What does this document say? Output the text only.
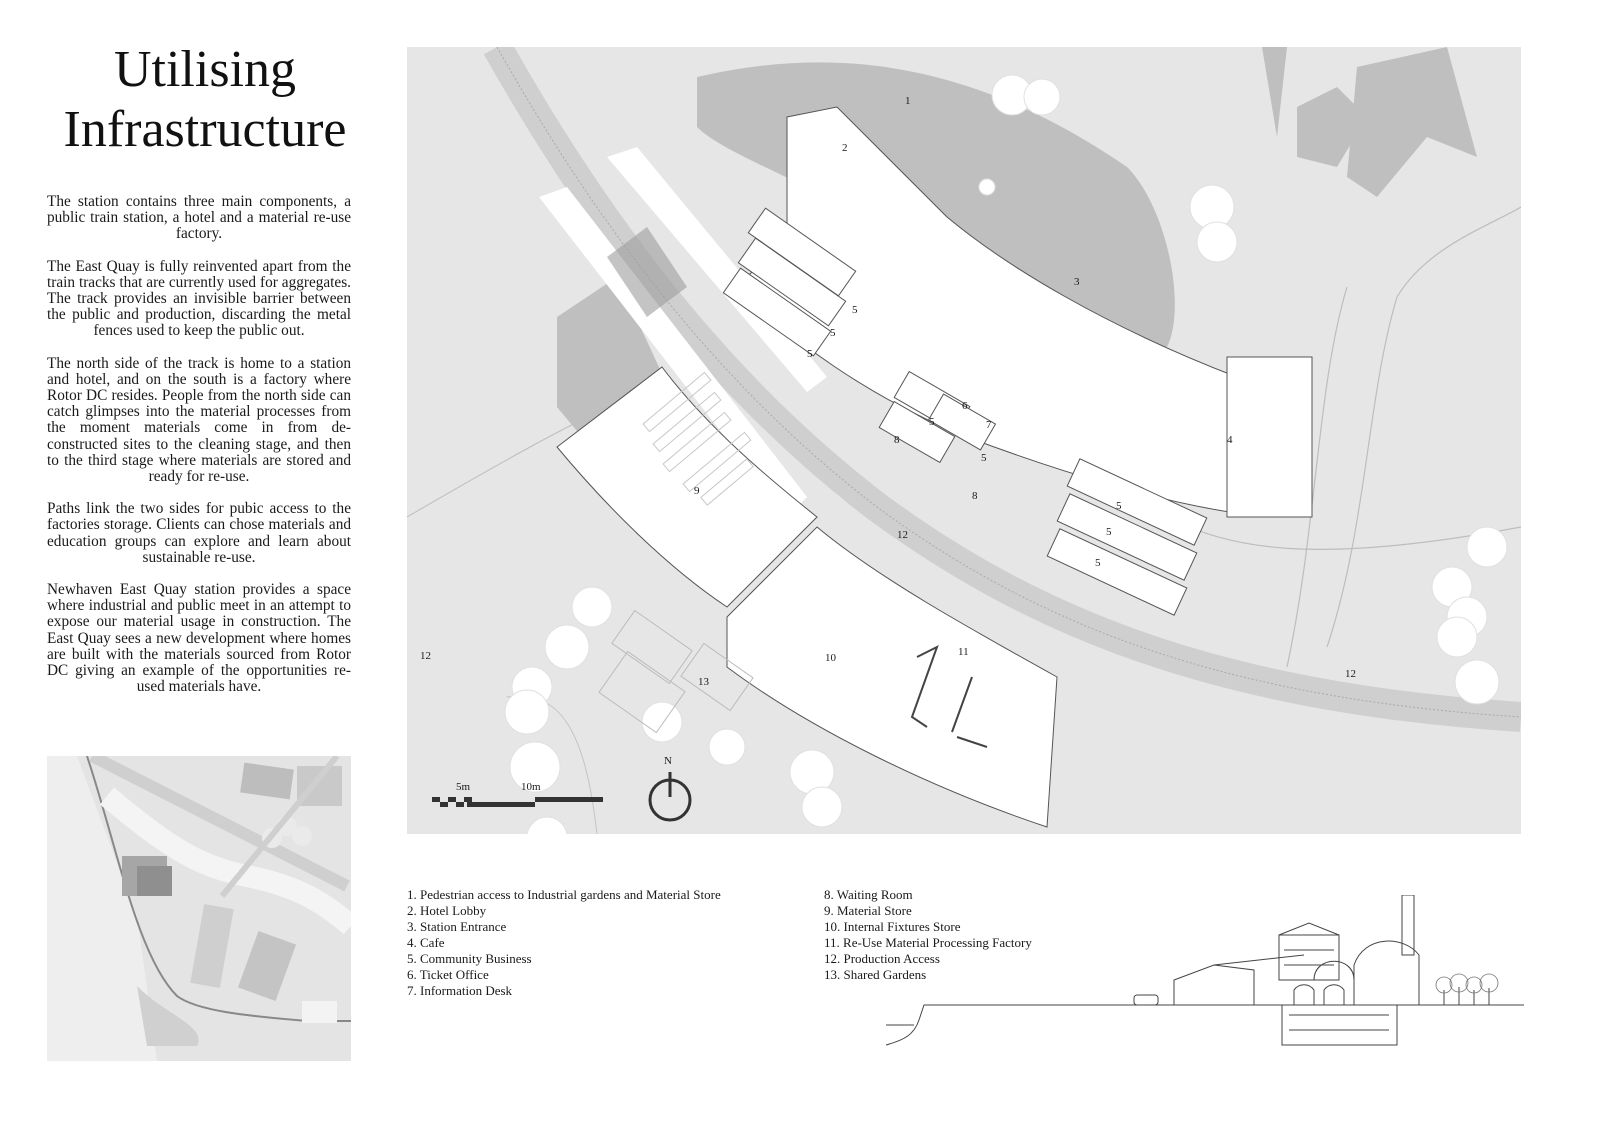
Utilising Infrastructure

The station contains three main components, a public train station, a hotel and a material re-use factory.

The East Quay is fully reinvented apart from the train tracks that are currently used for aggregates. The track provides an invisible barrier between the public and production, discarding the metal fences used to keep the public out.

The north side of the track is home to a station and hotel, and on the south is a factory where Rotor DC resides. People from the north side can catch glimpses into the material processes from the moment materials come in from de-constructed sites to the cleaning stage, and then to the third stage where materials are stored and ready for re-use.

Paths link the two sides for pubic access to the factories storage. Clients can chose materials and education groups can explore and learn about sustainable re-use.

Newhaven East Quay station provides a space where industrial and public meet in an attempt to expose our material usage in construction. The East Quay sees a new development where homes are built with the materials sourced from Rotor DC giving an example of the opportunities re-used materials have.

1
2
3
4
5
5
5
5
5
5
5
5
6
7
8
8
9
10	11
12
12
12
13
5m	10m
N
1. Pedestrian access to Industrial gardens and Material Store
2. Hotel Lobby
3. Station Entrance
4. Cafe
5. Community Business
6. Ticket Office
7. Information Desk
8. Waiting Room
9. Material Store
10. Internal Fixtures Store
11. Re-Use Material Processing Factory
12. Production Access
13. Shared Gardens
